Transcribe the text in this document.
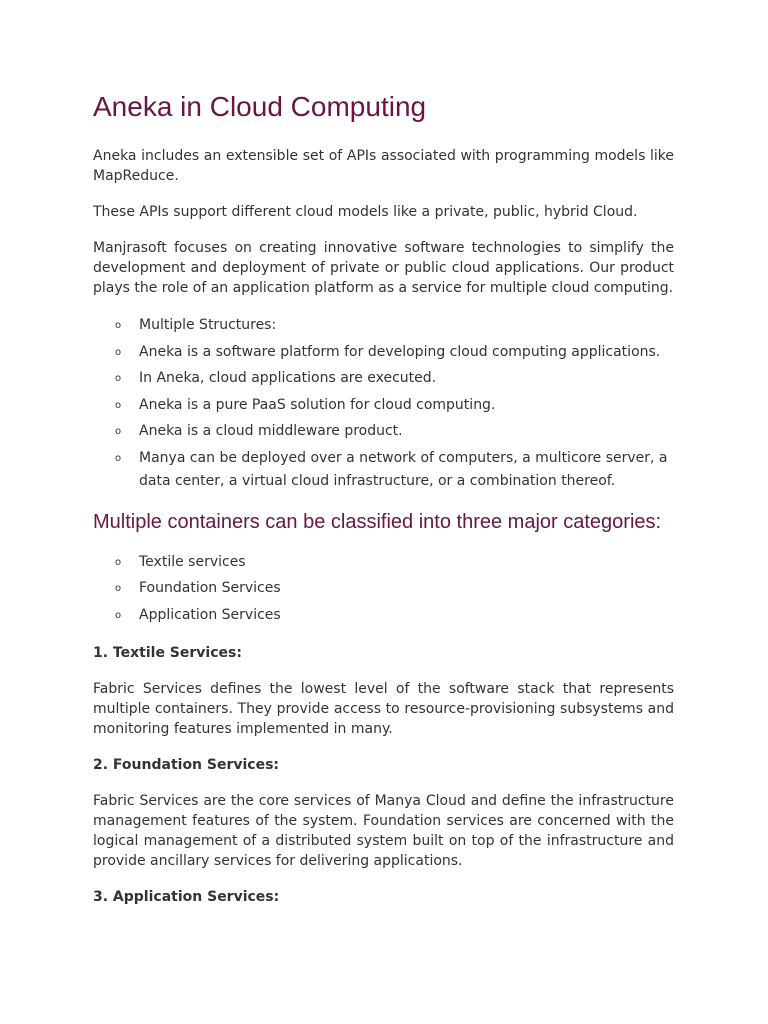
Aneka in Cloud Computing

Aneka includes an extensible set of APIs associated with programming models like MapReduce.

These APIs support different cloud models like a private, public, hybrid Cloud.

Manjrasoft focuses on creating innovative software technologies to simplify the development and deployment of private or public cloud applications. Our product plays the role of an application platform as a service for multiple cloud computing.

o Multiple Structures:
o Aneka is a software platform for developing cloud computing applications.
o In Aneka, cloud applications are executed.
o Aneka is a pure PaaS solution for cloud computing.
o Aneka is a cloud middleware product.
o Manya can be deployed over a network of computers, a multicore server, a data center, a virtual cloud infrastructure, or a combination thereof.
Multiple containers can be classified into three major categories:
o Textile services
o Foundation Services
o Application Services
1. Textile Services:

Fabric Services defines the lowest level of the software stack that represents multiple containers. They provide access to resource-provisioning subsystems and monitoring features implemented in many.

2. Foundation Services:

Fabric Services are the core services of Manya Cloud and define the infrastructure management features of the system. Foundation services are concerned with the logical management of a distributed system built on top of the infrastructure and provide ancillary services for delivering applications.

3. Application Services:
